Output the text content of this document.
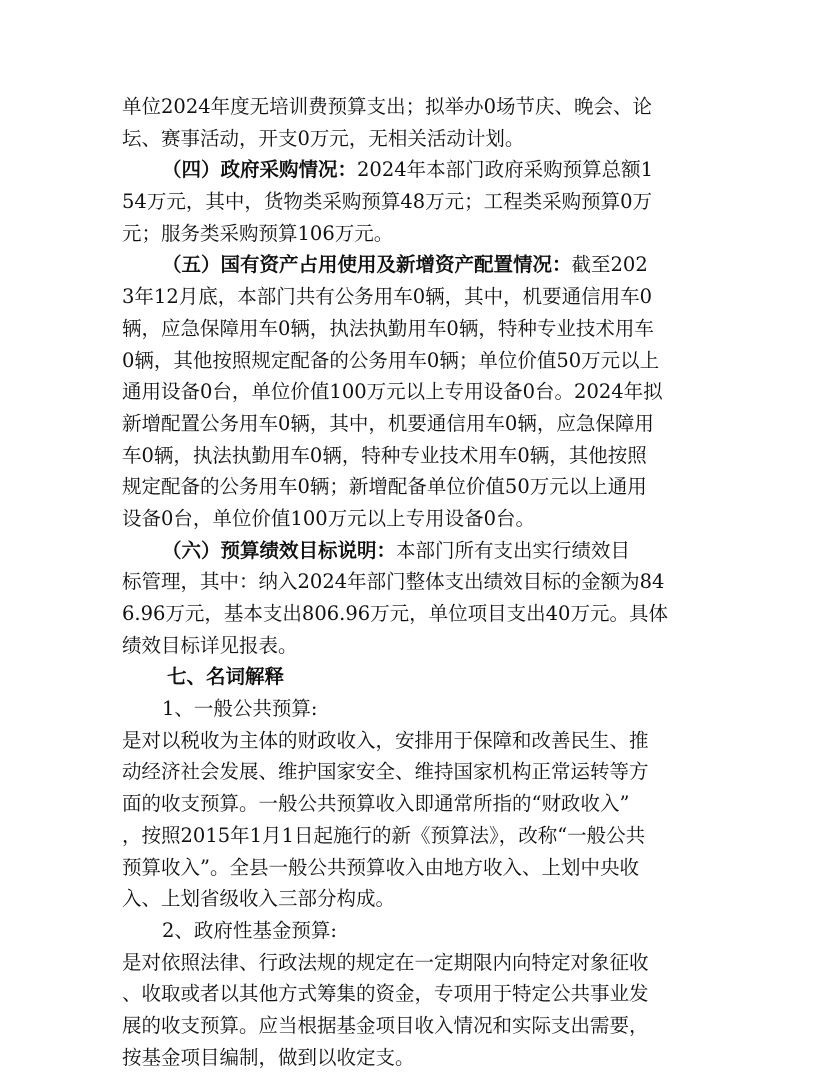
单位2024年度无培训费预算支出；拟举办0场节庆、晚会、论
坛、赛事活动，开支0万元，无相关活动计划。
（四）政府采购情况：2024年本部门政府采购预算总额1
54万元，其中，货物类采购预算48万元；工程类采购预算0万
元；服务类采购预算106万元。
（五）国有资产占用使用及新增资产配置情况：截至202
3年12月底，本部门共有公务用车0辆，其中，机要通信用车0
辆，应急保障用车0辆，执法执勤用车0辆，特种专业技术用车
0辆，其他按照规定配备的公务用车0辆；单位价值50万元以上
通用设备0台，单位价值100万元以上专用设备0台。2024年拟
新增配置公务用车0辆，其中，机要通信用车0辆，应急保障用
车0辆，执法执勤用车0辆，特种专业技术用车0辆，其他按照
规定配备的公务用车0辆；新增配备单位价值50万元以上通用
设备0台，单位价值100万元以上专用设备0台。
（六）预算绩效目标说明：本部门所有支出实行绩效目
标管理，其中：纳入2024年部门整体支出绩效目标的金额为84
6.96万元，基本支出806.96万元，单位项目支出40万元。具体
绩效目标详见报表。
七、名词解释
1、一般公共预算:
是对以税收为主体的财政收入，安排用于保障和改善民生、推
动经济社会发展、维护国家安全、维持国家机构正常运转等方
面的收支预算。一般公共预算收入即通常所指的“财政收入”
，按照2015年1月1日起施行的新《预算法》，改称“一般公共
预算收入”。全县一般公共预算收入由地方收入、上划中央收
入、上划省级收入三部分构成。
2、政府性基金预算:
是对依照法律、行政法规的规定在一定期限内向特定对象征收
、收取或者以其他方式筹集的资金，专项用于特定公共事业发
展的收支预算。应当根据基金项目收入情况和实际支出需要，
按基金项目编制，做到以收定支。
